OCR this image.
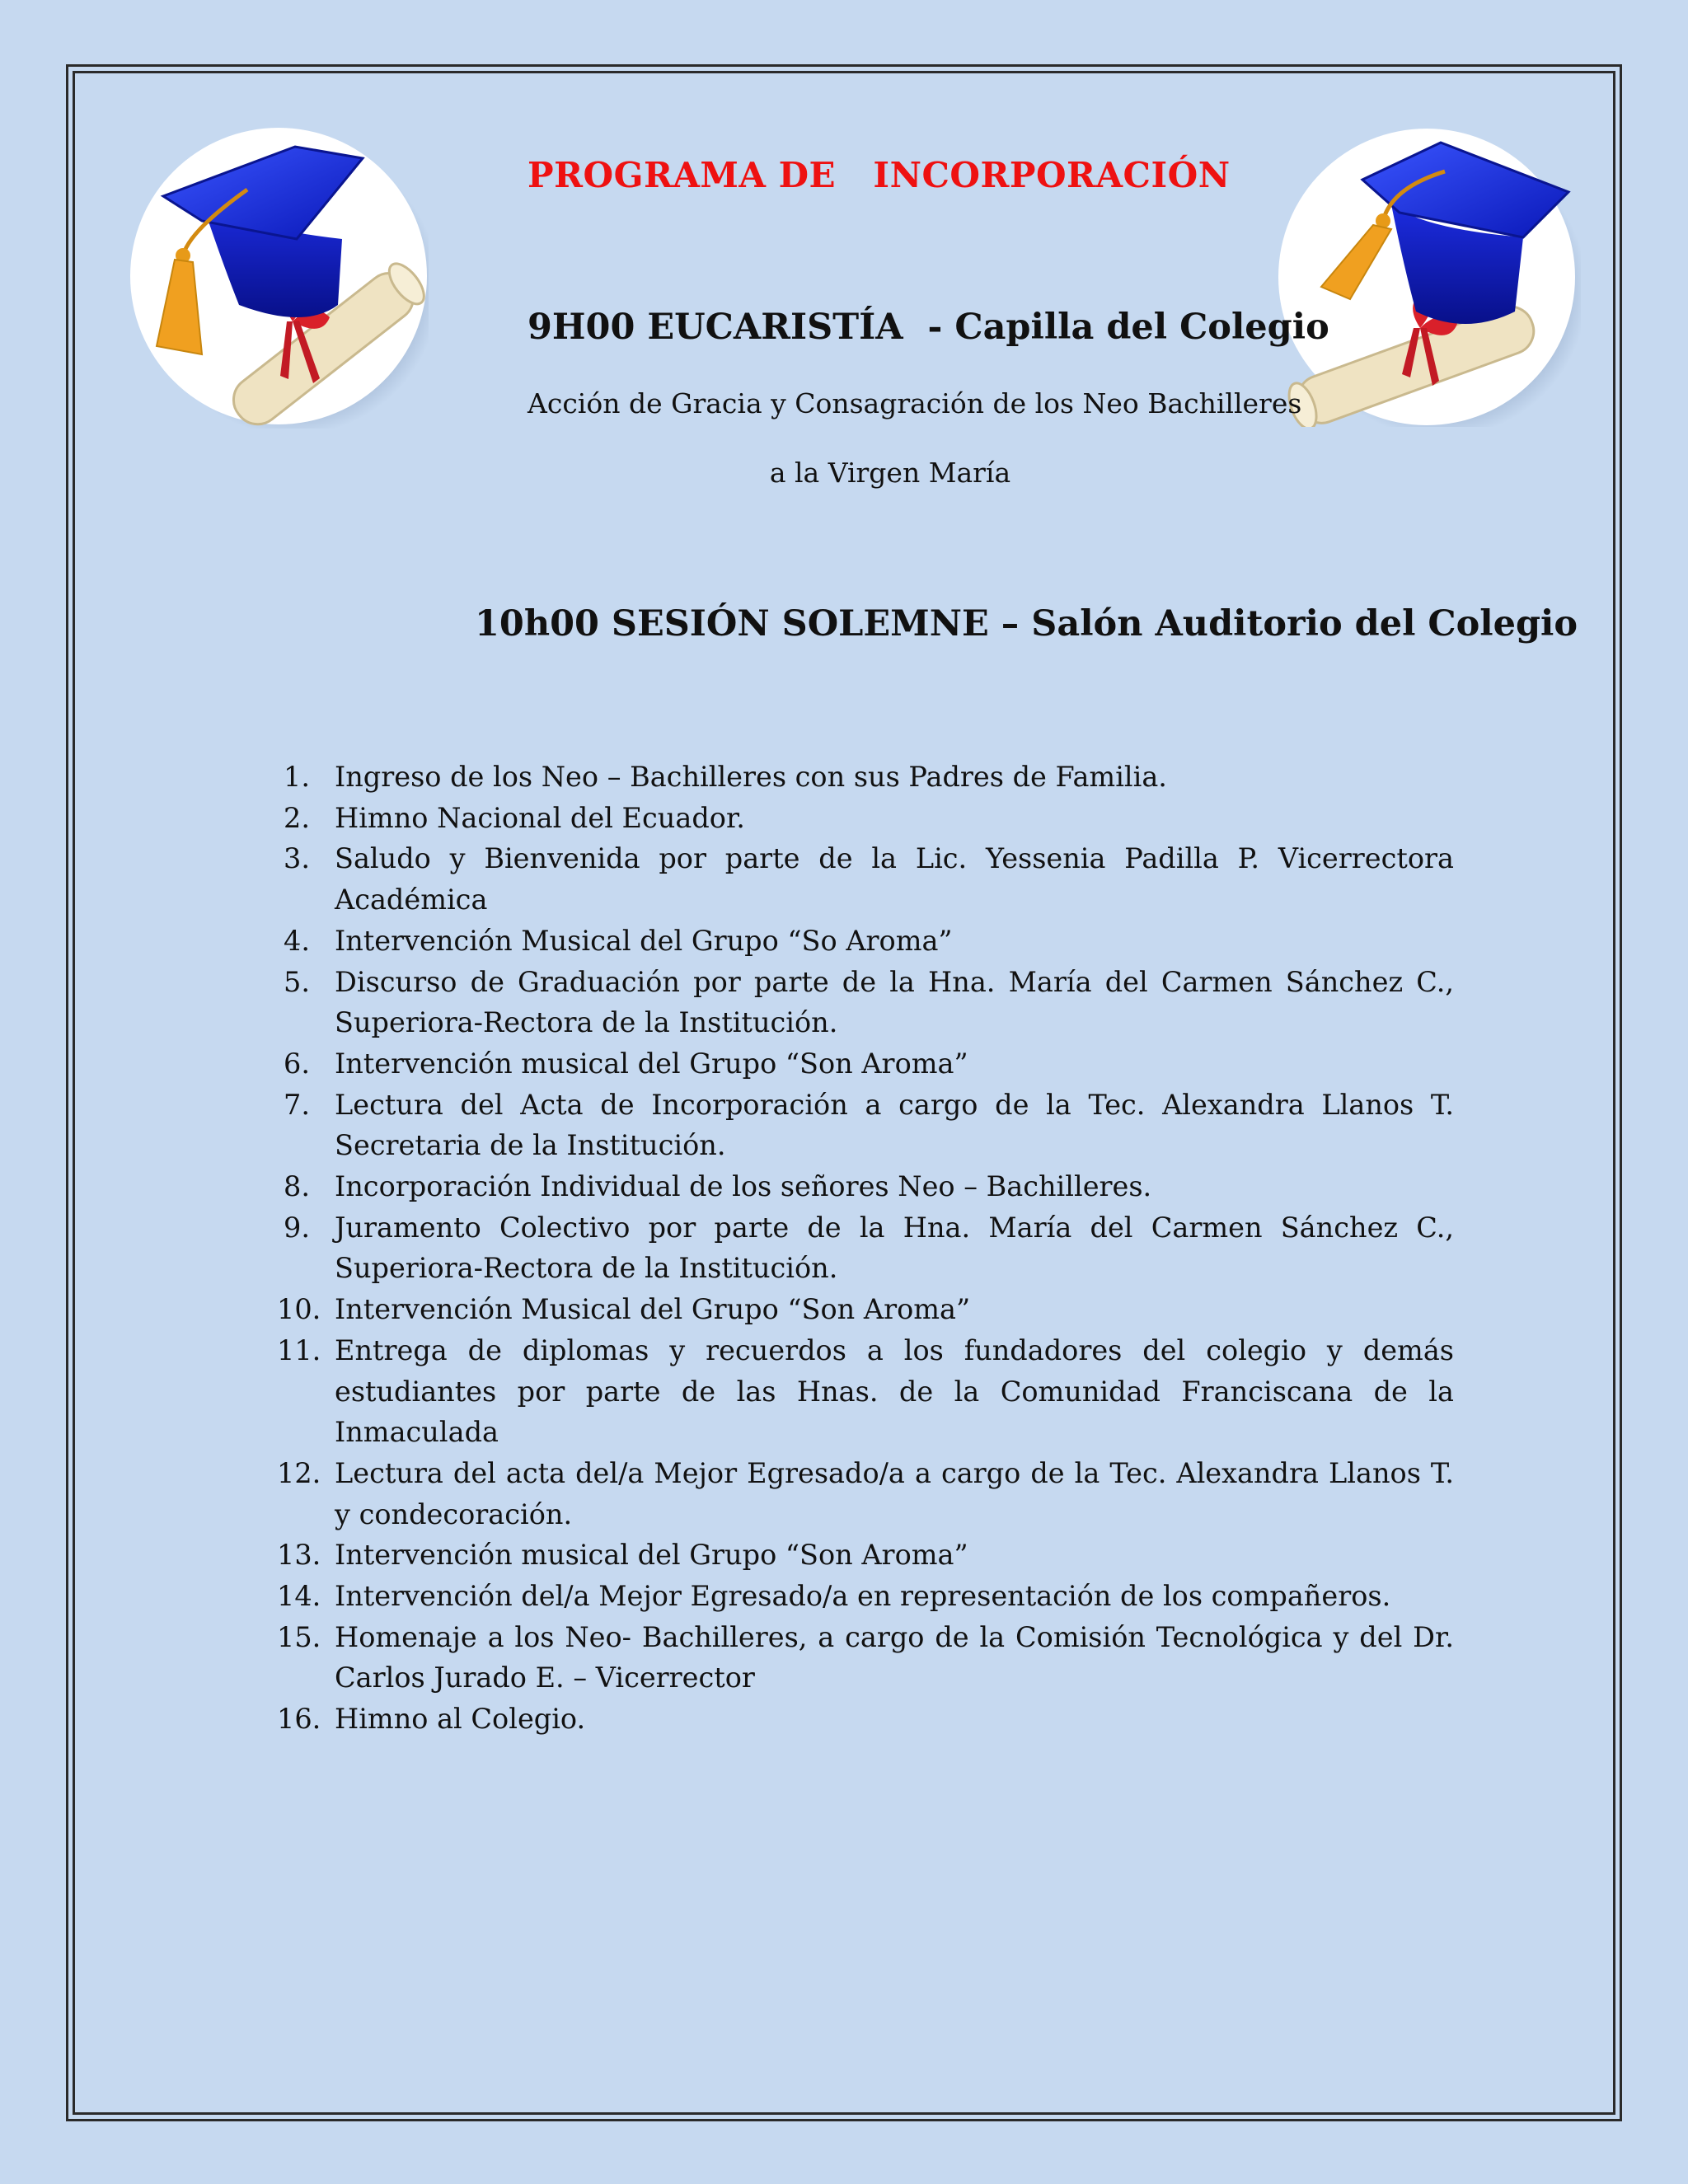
PROGRAMA DE   INCORPORACIÓN
9H00 EUCARISTÍA  - Capilla del Colegio
Acción de Gracia y Consagración de los Neo Bachilleres
a la Virgen María
10h00 SESIÓN SOLEMNE – Salón Auditorio del Colegio
1. Ingreso de los Neo – Bachilleres con sus Padres de Familia.
2. Himno Nacional del Ecuador.
3. Saludo y Bienvenida por parte de la Lic. Yessenia Padilla P. Vicerrectora Académica
4. Intervención Musical del Grupo “So Aroma”
5. Discurso de Graduación por parte de la Hna. María del Carmen Sánchez C., Superiora-Rectora de la Institución.
6. Intervención musical del Grupo “Son Aroma”
7. Lectura del Acta de Incorporación a cargo de la Tec. Alexandra Llanos T. Secretaria de la Institución.
8. Incorporación Individual de los señores Neo – Bachilleres.
9. Juramento Colectivo por parte de la Hna. María del Carmen Sánchez C., Superiora-Rectora de la Institución.
10. Intervención Musical del Grupo “Son Aroma”
11. Entrega de diplomas y recuerdos a los fundadores del colegio y demás estudiantes por parte de las Hnas. de la Comunidad Franciscana de la Inmaculada
12. Lectura del acta del/a Mejor Egresado/a a cargo de la Tec. Alexandra Llanos T. y condecoración.
13. Intervención musical del Grupo “Son Aroma”
14. Intervención del/a Mejor Egresado/a en representación de los compañeros.
15. Homenaje a los Neo- Bachilleres, a cargo de la Comisión Tecnológica y del Dr. Carlos Jurado E. – Vicerrector
16. Himno al Colegio.
